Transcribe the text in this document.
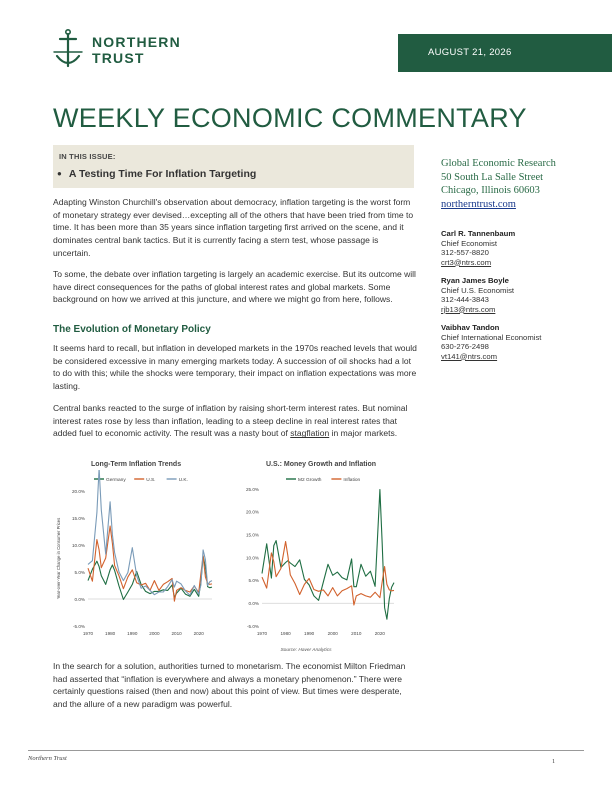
NORTHERN
TRUST	AUGUST 21, 2026
WEEKLY ECONOMIC COMMENTARY
IN THIS ISSUE:
● A Testing Time For Inflation Targeting

Adapting Winston Churchill's observation about democracy, inflation targeting is the worst form of monetary strategy ever devised…excepting all of the others that have been tried from time to time. It has been more than 35 years since inflation targeting first arrived on the scene, and it dominates central bank tactics. But it is currently facing a stern test, whose passage is uncertain.

To some, the debate over inflation targeting is largely an academic exercise. But its outcome will have direct consequences for the paths of global interest rates and global markets. Some background on how we arrived at this juncture, and where we might go from here, follows.

The Evolution of Monetary Policy

It seems hard to recall, but inflation in developed markets in the 1970s reached levels that would be considered excessive in many emerging markets today. A succession of oil shocks had a lot to do with this; while the shocks were temporary, their impact on inflation expectations was more lasting.

Central banks reacted to the surge of inflation by raising short-term interest rates. But nominal interest rates rose by less than inflation, leading to a steep decline in real interest rates that added fuel to economic activity. The result was a nasty bout of stagflation in major markets.

In the search for a solution, authorities turned to monetarism. The economist Milton Friedman had asserted that “inflation is everywhere and always a monetary phenomenon.” There were certainly questions raised (then and now) about this point of view. But times were desperate, and the allure of a new paradigm was powerful.

Global Economic Research
50 South La Salle Street
Chicago, Illinois 60603
northerntrust.com
Carl R. Tannenbaum
Chief Economist
312-557-8820
crt3@ntrs.com
Ryan James Boyle
Chief U.S. Economist
312-444-3843
rjb13@ntrs.com
Vaibhav Tandon
Chief International Economist
630-276-2498
vt141@ntrs.com
Long-Term Inflation Trends
-5.0%
0.0%
5.0%
10.0%
15.0%
20.0%
1970	1980	1990	2000	2010	2020
Year-over-Year Change in Consumer Prices
Germany	U.S.	U.K.
U.S.: Money Growth and Inflation
-5.0%
0.0%
5.0%
10.0%
15.0%
20.0%
25.0%
1970	1980	1990	2000	2010	2020
M2 Growth	Inflation
Source: Haver Analytics
Northern Trust	1
